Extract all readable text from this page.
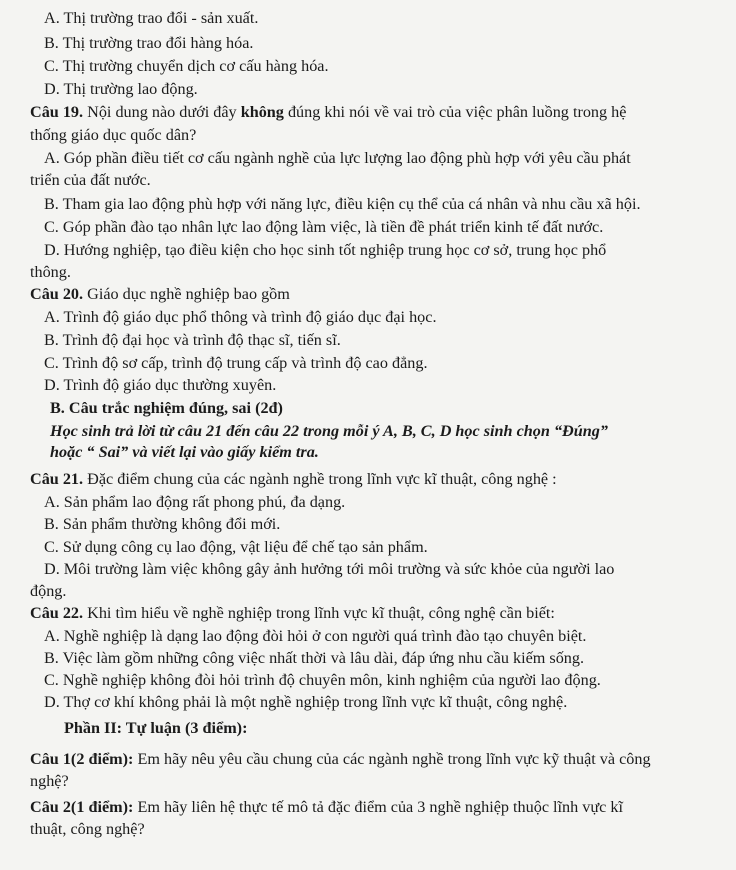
A. Thị trường trao đổi - sản xuất.
B. Thị trường trao đổi hàng hóa.
C. Thị trường chuyển dịch cơ cấu hàng hóa.
D. Thị trường lao động.
Câu 19. Nội dung nào dưới đây không đúng khi nói về vai trò của việc phân luồng trong hệ
thống giáo dục quốc dân?
A. Góp phần điều tiết cơ cấu ngành nghề của lực lượng lao động phù hợp với yêu cầu phát
triển của đất nước.
B. Tham gia lao động phù hợp với năng lực, điều kiện cụ thể của cá nhân và nhu cầu xã hội.
C. Góp phần đào tạo nhân lực lao động làm việc, là tiền đề phát triển kinh tế đất nước.
D. Hướng nghiệp, tạo điều kiện cho học sinh tốt nghiệp trung học cơ sở, trung học phổ
thông.
Câu 20. Giáo dục nghề nghiệp bao gồm
A. Trình độ giáo dục phổ thông và trình độ giáo dục đại học.
B. Trình độ đại học và trình độ thạc sĩ, tiến sĩ.
C. Trình độ sơ cấp, trình độ trung cấp và trình độ cao đẳng.
D. Trình độ giáo dục thường xuyên.
B. Câu trắc nghiệm đúng, sai (2đ)
Học sinh trả lời từ câu 21 đến câu 22 trong mỗi ý A, B, C, D học sinh chọn “Đúng”
hoặc “ Sai” và viết lại vào giấy kiểm tra.
Câu 21. Đặc điểm chung của các ngành nghề trong lĩnh vực kĩ thuật, công nghệ :
A. Sản phẩm lao động rất phong phú, đa dạng.
B. Sản phẩm thường không đổi mới.
C. Sử dụng công cụ lao động, vật liệu để chế tạo sản phẩm.
D. Môi trường làm việc không gây ảnh hưởng tới môi trường và sức khỏe của người lao
động.
Câu 22. Khi tìm hiểu về nghề nghiệp trong lĩnh vực kĩ thuật, công nghệ cần biết:
A. Nghề nghiệp là dạng lao động đòi hỏi ở con người quá trình đào tạo chuyên biệt.
B. Việc làm gồm những công việc nhất thời và lâu dài, đáp ứng nhu cầu kiếm sống.
C. Nghề nghiệp không đòi hỏi trình độ chuyên môn, kinh nghiệm của người lao động.
D. Thợ cơ khí không phải là một nghề nghiệp trong lĩnh vực kĩ thuật, công nghệ.
Phần II: Tự luận (3 điểm):
Câu 1(2 điểm): Em hãy nêu yêu cầu chung của các ngành nghề trong lĩnh vực kỹ thuật và công
nghệ?
Câu 2(1 điểm): Em hãy liên hệ thực tế mô tả đặc điểm của 3 nghề nghiệp thuộc lĩnh vực kĩ
thuật, công nghệ?
